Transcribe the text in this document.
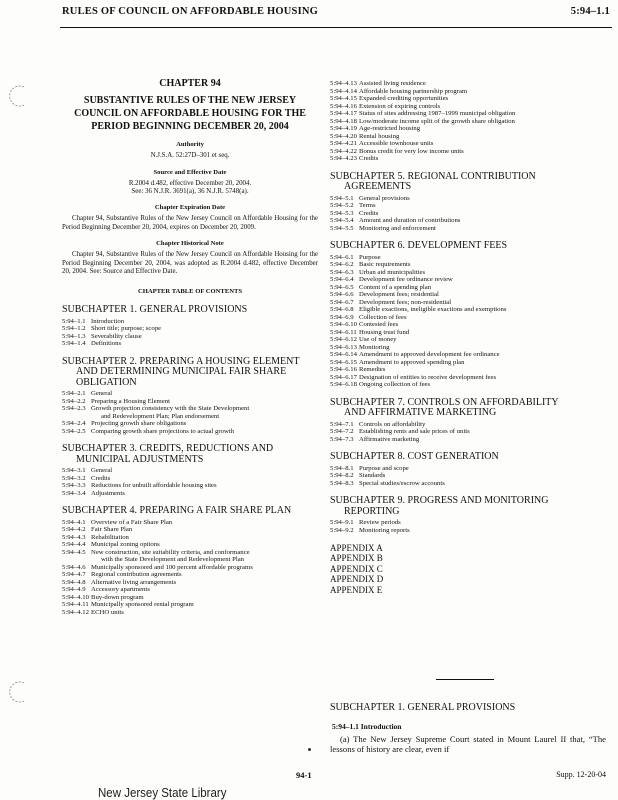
RULES OF COUNCIL ON AFFORDABLE HOUSING	5:94–1.1
CHAPTER 94
SUBSTANTIVE RULES OF THE NEW JERSEY COUNCIL ON AFFORDABLE HOUSING FOR THE PERIOD BEGINNING DECEMBER 20, 2004
Authority
N.J.S.A. 52:27D–301 et seq.
Source and Effective Date
R.2004 d.482, effective December 20, 2004.
See: 36 N.J.R. 3691(a), 36 N.J.R. 5748(a).
Chapter Expiration Date

Chapter 94, Substantive Rules of the New Jersey Council on Affordable Housing for the Period Beginning December 20, 2004, expires on December 20, 2009.

Chapter Historical Note

Chapter 94, Substantive Rules of the New Jersey Council on Affordable Housing for the Period Beginning December 20, 2004, was adopted as R.2004 d.482, effective December 20, 2004. See: Source and Effective Date.

CHAPTER TABLE OF CONTENTS
SUBCHAPTER 1. GENERAL PROVISIONS
5:94–1.1 Introduction
5:94–1.2 Short title; purpose; scope
5:94–1.3 Severability clause
5:94–1.4 Definitions
SUBCHAPTER 2. PREPARING A HOUSING ELEMENT
AND DETERMINING MUNICIPAL FAIR SHARE OBLIGATION
5:94–2.1 General
5:94–2.2 Preparing a Housing Element
5:94–2.3 Growth projection consistency with the State Development
and Redevelopment Plan; Plan endorsement
5:94–2.4 Projecting growth share obligations
5:94–2.5 Comparing growth share projections to actual growth
SUBCHAPTER 3. CREDITS, REDUCTIONS AND
MUNICIPAL ADJUSTMENTS
5:94–3.1 General
5:94–3.2 Credits
5:94–3.3 Reductions for unbuilt affordable housing sites
5:94–3.4 Adjustments
SUBCHAPTER 4. PREPARING A FAIR SHARE PLAN
5:94–4.1 Overview of a Fair Share Plan
5:94–4.2 Fair Share Plan
5:94–4.3 Rehabilitation
5:94–4.4 Municipal zoning options
5:94–4.5 New construction, site suitability criteria, and conformance
with the State Development and Redevelopment Plan
5:94–4.6 Municipally sponsored and 100 percent affordable programs
5:94–4.7 Regional contribution agreements
5:94–4.8 Alternative living arrangements
5:94–4.9 Accessory apartments
5:94–4.10 Buy-down program
5:94–4.11 Municipally sponsored rental program
5:94–4.12 ECHO units
5:94–4.13 Assisted living residence
5:94–4.14 Affordable housing partnership program
5:94–4.15 Expanded crediting opportunities
5:94–4.16 Extension of expiring controls
5:94–4.17 Status of sites addressing 1987–1999 municipal obligation
5:94–4.18 Low/moderate income split of the growth share obligation
5:94–4.19 Age-restricted housing
5:94–4.20 Rental housing
5:94–4.21 Accessible townhouse units
5:94–4.22 Bonus credit for very low income units
5:94–4.23 Credits
SUBCHAPTER 5. REGIONAL CONTRIBUTION
AGREEMENTS
5:94–5.1 General provisions
5:94–5.2 Terms
5:94–5.3 Credits
5:94–5.4 Amount and duration of contributions
5:94–5.5 Monitoring and enforcement
SUBCHAPTER 6. DEVELOPMENT FEES
5:94–6.1 Purpose
5:94–6.2 Basic requirements
5:94–6.3 Urban aid municipalities
5:94–6.4 Development fee ordinance review
5:94–6.5 Content of a spending plan
5:94–6.6 Development fees; residential
5:94–6.7 Development fees; non-residential
5:94–6.8 Eligible exactions, ineligible exactions and exemptions
5:94–6.9 Collection of fees
5:94–6.10 Contested fees
5:94–6.11 Housing trust fund
5:94–6.12 Use of money
5:94–6.13 Monitoring
5:94–6.14 Amendment to approved development fee ordinance
5:94–6.15 Amendment to approved spending plan
5:94–6.16 Remedies
5:94–6.17 Designation of entities to receive development fees
5:94–6.18 Ongoing collection of fees
SUBCHAPTER 7. CONTROLS ON AFFORDABILITY
AND AFFIRMATIVE MARKETING
5:94–7.1 Controls on affordability
5:94–7.2 Establishing rents and sale prices of units
5:94–7.3 Affirmative marketing
SUBCHAPTER 8. COST GENERATION
5:94–8.1 Purpose and scope
5:94–8.2 Standards
5:94–8.3 Special studies/escrow accounts
SUBCHAPTER 9. PROGRESS AND MONITORING
REPORTING
5:94–9.1 Review periods
5:94–9.2 Monitoring reports
APPENDIX A
APPENDIX B
APPENDIX C
APPENDIX D
APPENDIX E
SUBCHAPTER 1. GENERAL PROVISIONS
5:94–1.1 Introduction
(a) The New Jersey Supreme Court stated in Mount Laurel II that, “The lessons of history are clear, even if
94-1	Supp. 12-20-04
New Jersey State Library
